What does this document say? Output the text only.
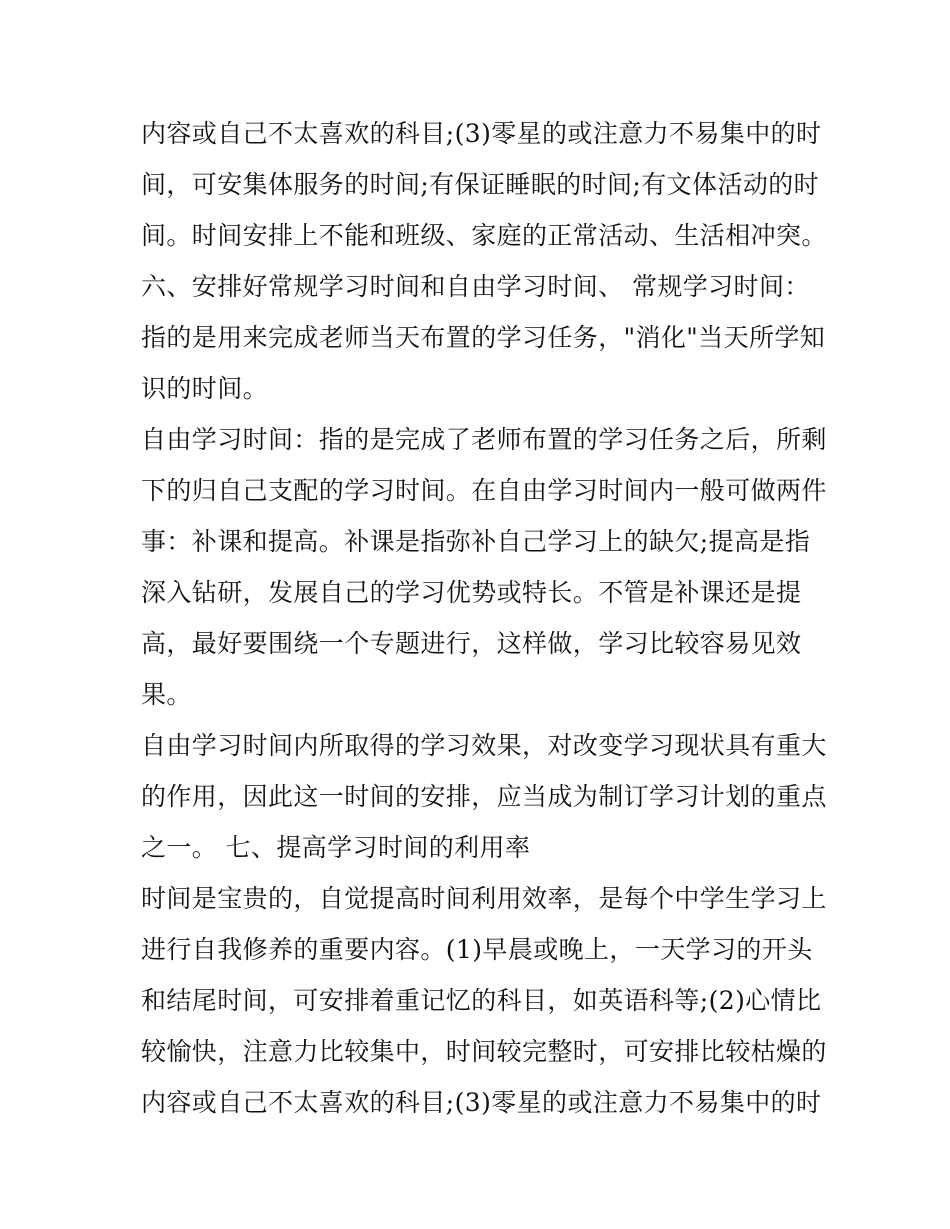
内容或自己不太喜欢的科目;(3)零星的或注意力不易集中的时
间，可安集体服务的时间;有保证睡眠的时间;有文体活动的时
间。时间安排上不能和班级、家庭的正常活动、生活相冲突。
六、安排好常规学习时间和自由学习时间、 常规学习时间：
指的是用来完成老师当天布置的学习任务，"消化"当天所学知
识的时间。
自由学习时间：指的是完成了老师布置的学习任务之后，所剩
下的归自己支配的学习时间。在自由学习时间内一般可做两件
事：补课和提高。补课是指弥补自己学习上的缺欠;提高是指
深入钻研，发展自己的学习优势或特长。不管是补课还是提
高，最好要围绕一个专题进行，这样做，学习比较容易见效
果。
自由学习时间内所取得的学习效果，对改变学习现状具有重大
的作用，因此这一时间的安排，应当成为制订学习计划的重点
之一。 七、提高学习时间的利用率
时间是宝贵的，自觉提高时间利用效率，是每个中学生学习上
进行自我修养的重要内容。(1)早晨或晚上，一天学习的开头
和结尾时间，可安排着重记忆的科目，如英语科等;(2)心情比
较愉快，注意力比较集中，时间较完整时，可安排比较枯燥的
内容或自己不太喜欢的科目;(3)零星的或注意力不易集中的时
